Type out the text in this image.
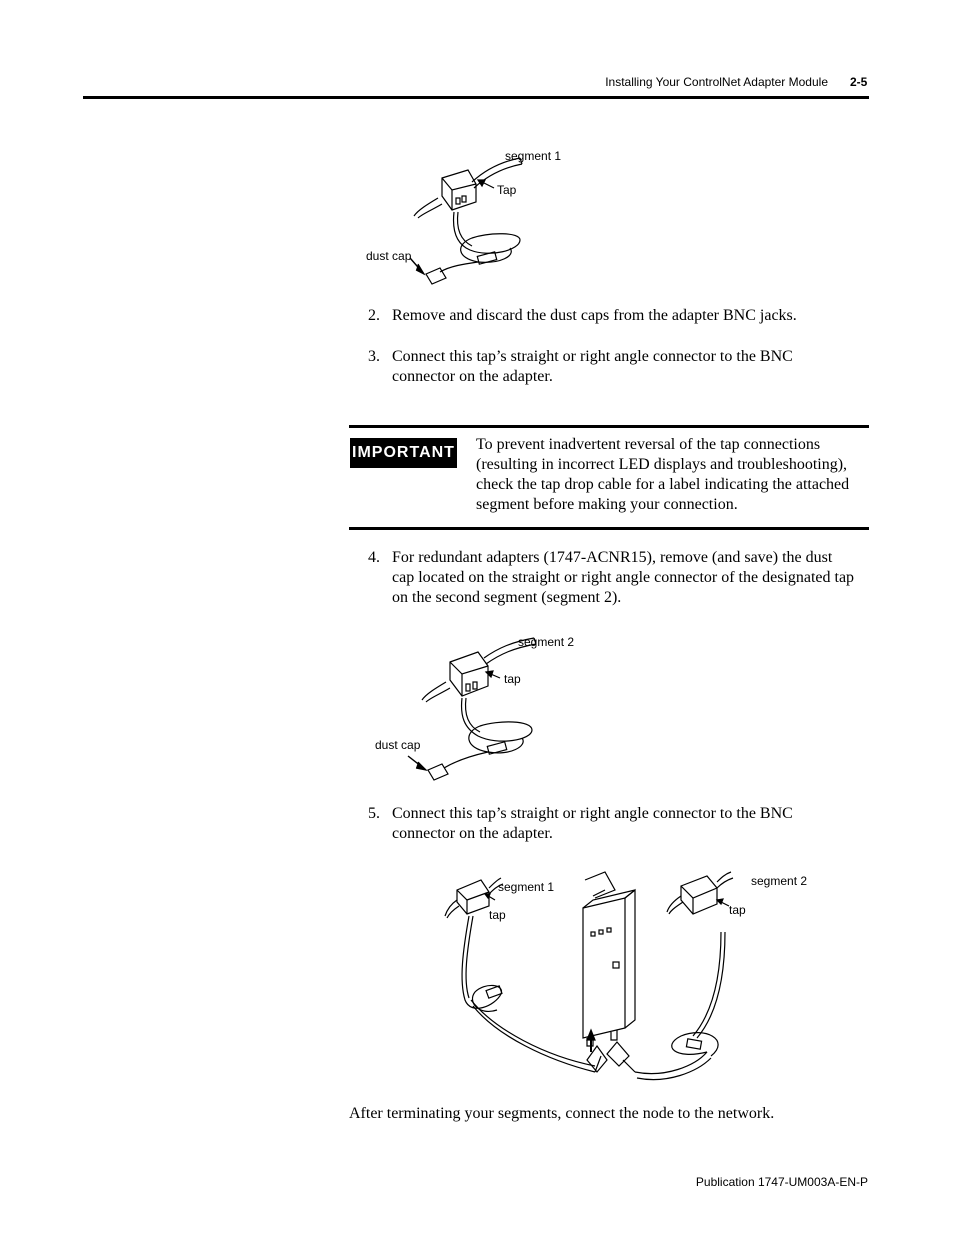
Installing Your ControlNet Adapter Module 2-5
segment 1
Tap
dust cap
2. Remove and discard the dust caps from the adapter BNC jacks.
3. Connect this tap’s straight or right angle connector to the BNC
connector on the adapter.
IMPORTANT To prevent inadvertent reversal of the tap connections
(resulting in incorrect LED displays and troubleshooting),
check the tap drop cable for a label indicating the attached
segment before making your connection.
4. For redundant adapters (1747-ACNR15), remove (and save) the dust
cap located on the straight or right angle connector of the designated tap
on the second segment (segment 2).
segment 2
tap
dust cap
5. Connect this tap’s straight or right angle connector to the BNC
connector on the adapter.
segment 1
tap
segment 2
tap
After terminating your segments, connect the node to the network.
Publication 1747-UM003A-EN-P
